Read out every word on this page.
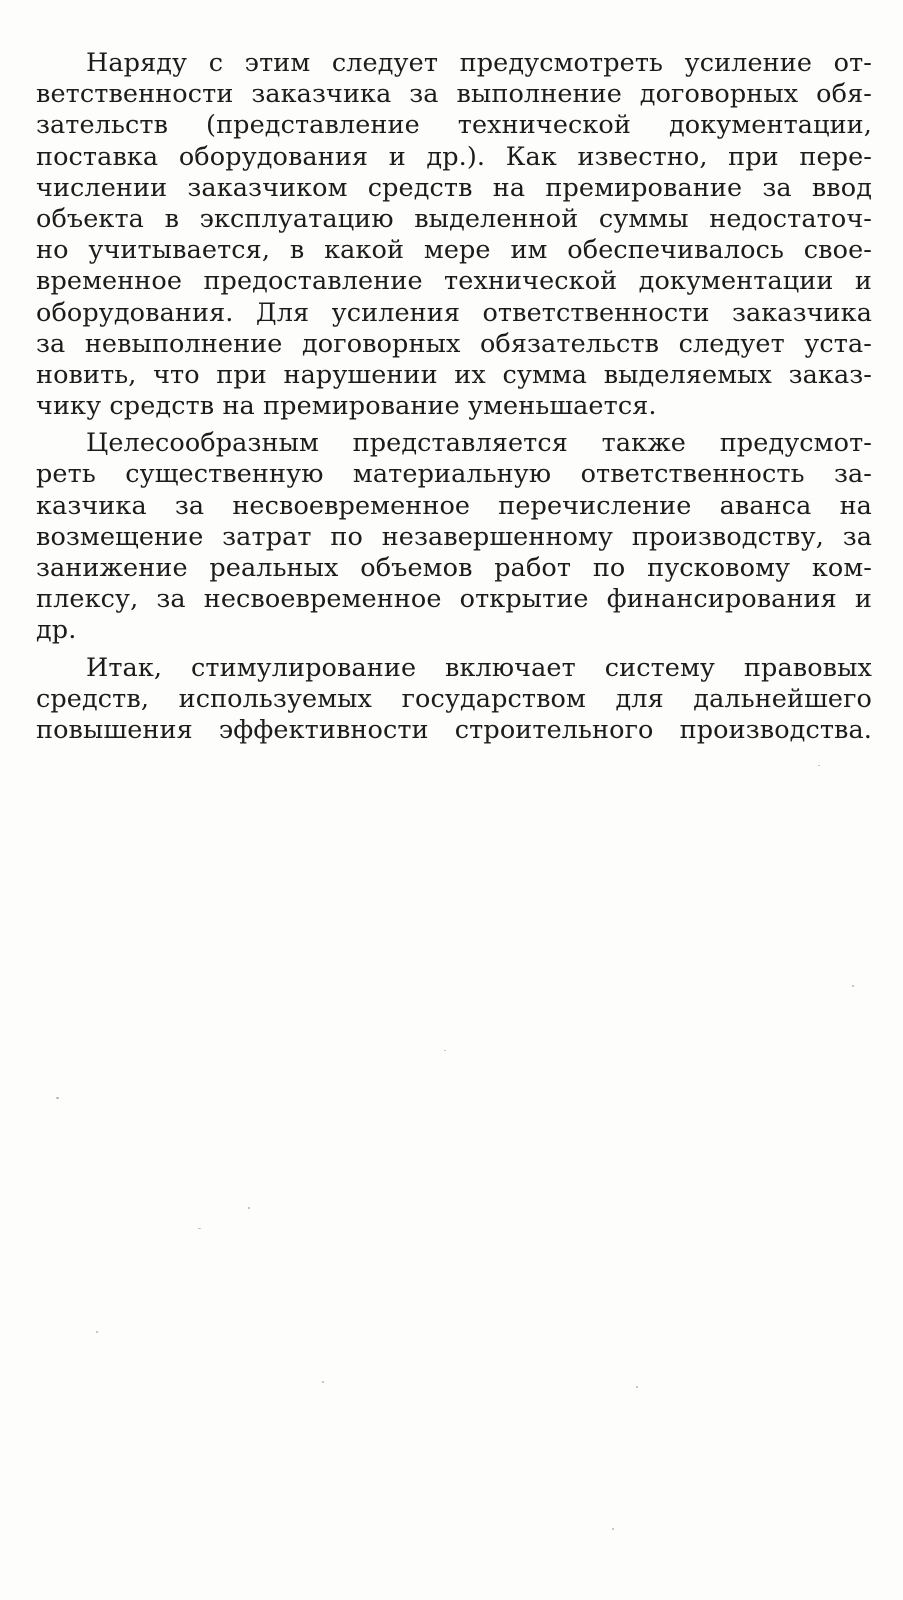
Наряду с этим следует предусмотреть усиление от-
ветственности заказчика за выполнение договорных обя-
зательств (представление технической документации,
поставка оборудования и др.). Как известно, при пере-
числении заказчиком средств на премирование за ввод
объекта в эксплуатацию выделенной суммы недостаточ-
но учитывается, в какой мере им обеспечивалось свое-
временное предоставление технической документации и
оборудования. Для усиления ответственности заказчика
за невыполнение договорных обязательств следует уста-
новить, что при нарушении их сумма выделяемых заказ-
чику средств на премирование уменьшается.
Целесообразным представляется также предусмот-
реть существенную материальную ответственность за-
казчика за несвоевременное перечисление аванса на
возмещение затрат по незавершенному производству, за
занижение реальных объемов работ по пусковому ком-
плексу, за несвоевременное открытие финансирования и
др.
Итак, стимулирование включает систему правовых
средств, используемых государством для дальнейшего
повышения эффективности строительного производства.
